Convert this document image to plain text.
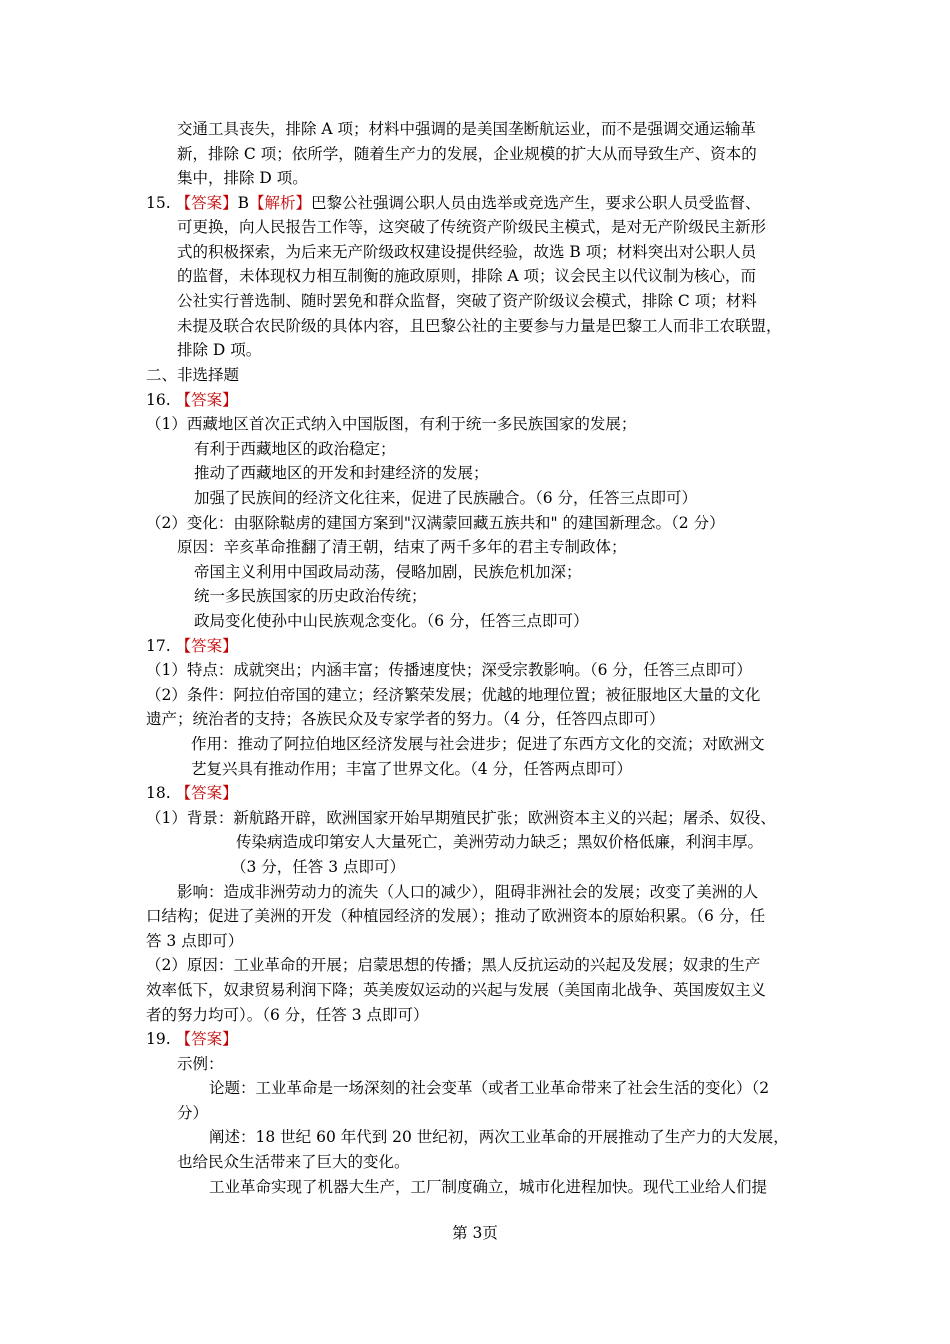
交通工具丧失，排除 A 项；材料中强调的是美国垄断航运业，而不是强调交通运输革
新，排除 C 项；依所学，随着生产力的发展，企业规模的扩大从而导致生产、资本的
集中，排除 D 项。
15. 【答案】B【解析】巴黎公社强调公职人员由选举或竞选产生，要求公职人员受监督、
可更换，向人民报告工作等，这突破了传统资产阶级民主模式，是对无产阶级民主新形
式的积极探索，为后来无产阶级政权建设提供经验，故选 B 项；材料突出对公职人员
的监督，未体现权力相互制衡的施政原则，排除 A 项；议会民主以代议制为核心，而
公社实行普选制、随时罢免和群众监督，突破了资产阶级议会模式，排除 C 项；材料
未提及联合农民阶级的具体内容，且巴黎公社的主要参与力量是巴黎工人而非工农联盟，
排除 D 项。
二、非选择题
16. 【答案】
（1）西藏地区首次正式纳入中国版图，有利于统一多民族国家的发展；
有利于西藏地区的政治稳定；
推动了西藏地区的开发和封建经济的发展；
加强了民族间的经济文化往来，促进了民族融合。（6 分，任答三点即可）
（2）变化：由驱除鞑虏的建国方案到"汉满蒙回藏五族共和" 的建国新理念。（2 分）
原因：辛亥革命推翻了清王朝，结束了两千多年的君主专制政体；
帝国主义利用中国政局动荡，侵略加剧，民族危机加深；
统一多民族国家的历史政治传统；
政局变化使孙中山民族观念变化。（6 分，任答三点即可）
17. 【答案】
（1）特点：成就突出；内涵丰富；传播速度快；深受宗教影响。（6 分，任答三点即可）
（2）条件：阿拉伯帝国的建立；经济繁荣发展；优越的地理位置；被征服地区大量的文化
遗产；统治者的支持；各族民众及专家学者的努力。（4 分，任答四点即可）
作用：推动了阿拉伯地区经济发展与社会进步；促进了东西方文化的交流；对欧洲文
艺复兴具有推动作用；丰富了世界文化。（4 分，任答两点即可）
18. 【答案】
（1）背景：新航路开辟，欧洲国家开始早期殖民扩张；欧洲资本主义的兴起；屠杀、奴役、
传染病造成印第安人大量死亡，美洲劳动力缺乏；黑奴价格低廉，利润丰厚。
（3 分，任答 3 点即可）
影响：造成非洲劳动力的流失（人口的减少），阻碍非洲社会的发展；改变了美洲的人
口结构；促进了美洲的开发（种植园经济的发展）；推动了欧洲资本的原始积累。（6 分，任
答 3 点即可）
（2）原因：工业革命的开展；启蒙思想的传播；黑人反抗运动的兴起及发展；奴隶的生产
效率低下，奴隶贸易利润下降；英美废奴运动的兴起与发展（美国南北战争、英国废奴主义
者的努力均可）。（6 分，任答 3 点即可）
19. 【答案】
示例：
论题：工业革命是一场深刻的社会变革（或者工业革命带来了社会生活的变化）（2
分）
阐述：18 世纪 60 年代到 20 世纪初，两次工业革命的开展推动了生产力的大发展，
也给民众生活带来了巨大的变化。
工业革命实现了机器大生产，工厂制度确立，城市化进程加快。现代工业给人们提
第 3页
